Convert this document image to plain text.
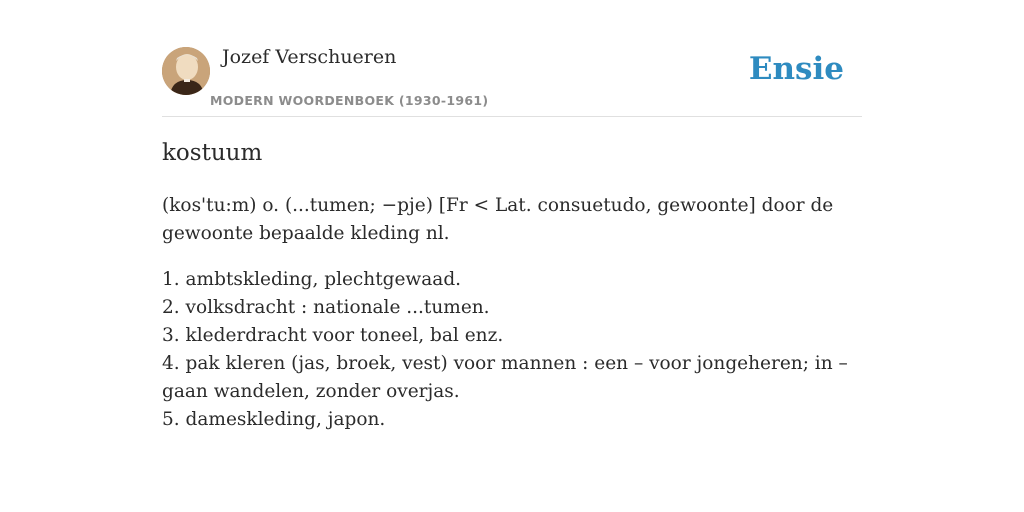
Jozef Verschueren
MODERN WOORDENBOEK (1930-1961)
Ensie
kostuum
(kos'tu:m) o. (...tumen; −pje) [Fr < Lat. consuetudo, gewoonte] door de gewoonte bepaalde kleding nl.

1. ambtskleding, plechtgewaad.

2. volksdracht : nationale ...tumen.

3. klederdracht voor toneel, bal enz.

4. pak kleren (jas, broek, vest) voor mannen : een – voor jongeheren; in – gaan wandelen, zonder overjas.

5. dameskleding, japon.
